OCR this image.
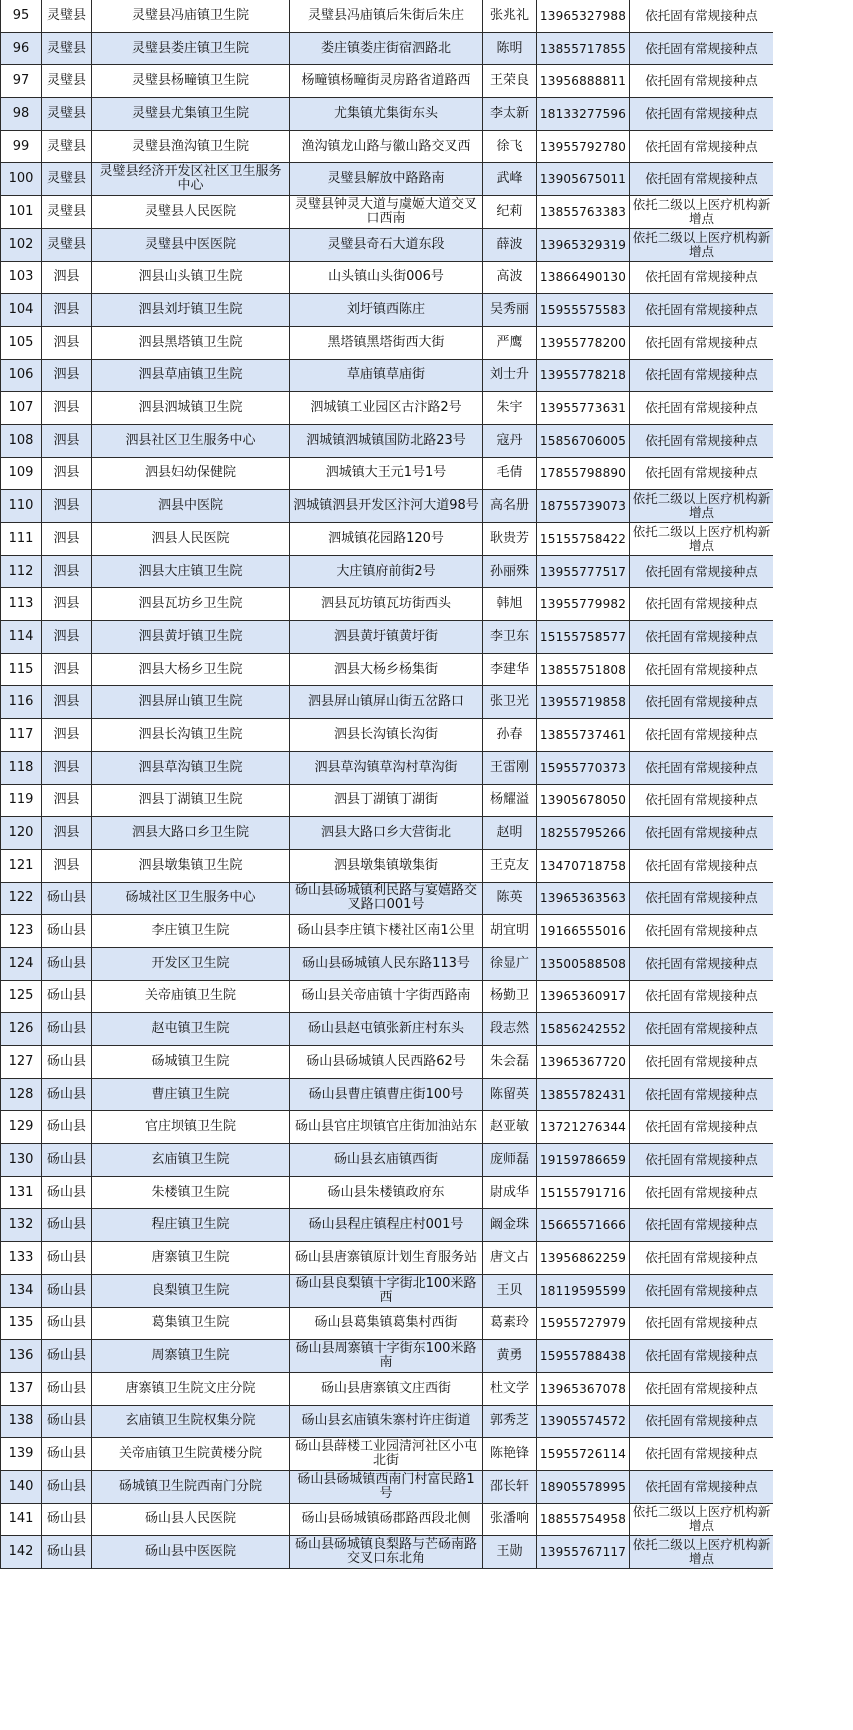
95	灵璧县	灵璧县冯庙镇卫生院	灵璧县冯庙镇后朱街后朱庄	张兆礼	13965327988	依托固有常规接种点
96	灵璧县	灵璧县娄庄镇卫生院	娄庄镇娄庄街宿泗路北	陈明	13855717855	依托固有常规接种点
97	灵璧县	灵璧县杨疃镇卫生院	杨疃镇杨疃街灵房路省道路西	王荣良	13956888811	依托固有常规接种点
98	灵璧县	灵璧县尤集镇卫生院	尤集镇尤集街东头	李太新	18133277596	依托固有常规接种点
99	灵璧县	灵璧县渔沟镇卫生院	渔沟镇龙山路与徽山路交叉西	徐飞	13955792780	依托固有常规接种点
100	灵璧县	灵璧县经济开发区社区卫生服务中心	灵璧县解放中路路南	武峰	13905675011	依托固有常规接种点
101	灵璧县	灵璧县人民医院	灵璧县钟灵大道与虞姬大道交叉口西南	纪莉	13855763383	依托二级以上医疗机构新增点
102	灵璧县	灵璧县中医医院	灵璧县奇石大道东段	薛波	13965329319	依托二级以上医疗机构新增点
103	泗县	泗县山头镇卫生院	山头镇山头街006号	高波	13866490130	依托固有常规接种点
104	泗县	泗县刘圩镇卫生院	刘圩镇西陈庄	吴秀丽	15955575583	依托固有常规接种点
105	泗县	泗县黑塔镇卫生院	黑塔镇黑塔街西大街	严鹰	13955778200	依托固有常规接种点
106	泗县	泗县草庙镇卫生院	草庙镇草庙街	刘士升	13955778218	依托固有常规接种点
107	泗县	泗县泗城镇卫生院	泗城镇工业园区古汴路2号	朱宇	13955773631	依托固有常规接种点
108	泗县	泗县社区卫生服务中心	泗城镇泗城镇国防北路23号	寇丹	15856706005	依托固有常规接种点
109	泗县	泗县妇幼保健院	泗城镇大王元1号1号	毛倩	17855798890	依托固有常规接种点
110	泗县	泗县中医院	泗城镇泗县开发区汴河大道98号	高名册	18755739073	依托二级以上医疗机构新增点
111	泗县	泗县人民医院	泗城镇花园路120号	耿贵芳	15155758422	依托二级以上医疗机构新增点
112	泗县	泗县大庄镇卫生院	大庄镇府前街2号	孙丽殊	13955777517	依托固有常规接种点
113	泗县	泗县瓦坊乡卫生院	泗县瓦坊镇瓦坊街西头	韩旭	13955779982	依托固有常规接种点
114	泗县	泗县黄圩镇卫生院	泗县黄圩镇黄圩街	李卫东	15155758577	依托固有常规接种点
115	泗县	泗县大杨乡卫生院	泗县大杨乡杨集街	李建华	13855751808	依托固有常规接种点
116	泗县	泗县屏山镇卫生院	泗县屏山镇屏山街五岔路口	张卫光	13955719858	依托固有常规接种点
117	泗县	泗县长沟镇卫生院	泗县长沟镇长沟街	孙春	13855737461	依托固有常规接种点
118	泗县	泗县草沟镇卫生院	泗县草沟镇草沟村草沟街	王雷刚	15955770373	依托固有常规接种点
119	泗县	泗县丁湖镇卫生院	泗县丁湖镇丁湖街	杨耀溢	13905678050	依托固有常规接种点
120	泗县	泗县大路口乡卫生院	泗县大路口乡大营街北	赵明	18255795266	依托固有常规接种点
121	泗县	泗县墩集镇卫生院	泗县墩集镇墩集街	王克友	13470718758	依托固有常规接种点
122	砀山县	砀城社区卫生服务中心	砀山县砀城镇利民路与宴嬉路交叉路口001号	陈英	13965363563	依托固有常规接种点
123	砀山县	李庄镇卫生院	砀山县李庄镇卞楼社区南1公里	胡宜明	19166555016	依托固有常规接种点
124	砀山县	开发区卫生院	砀山县砀城镇人民东路113号	徐显广	13500588508	依托固有常规接种点
125	砀山县	关帝庙镇卫生院	砀山县关帝庙镇十字街西路南	杨勤卫	13965360917	依托固有常规接种点
126	砀山县	赵屯镇卫生院	砀山县赵屯镇张新庄村东头	段志然	15856242552	依托固有常规接种点
127	砀山县	砀城镇卫生院	砀山县砀城镇人民西路62号	朱会磊	13965367720	依托固有常规接种点
128	砀山县	曹庄镇卫生院	砀山县曹庄镇曹庄街100号	陈留英	13855782431	依托固有常规接种点
129	砀山县	官庄坝镇卫生院	砀山县官庄坝镇官庄街加油站东	赵亚敏	13721276344	依托固有常规接种点
130	砀山县	玄庙镇卫生院	砀山县玄庙镇西街	庞师磊	19159786659	依托固有常规接种点
131	砀山县	朱楼镇卫生院	砀山县朱楼镇政府东	尉成华	15155791716	依托固有常规接种点
132	砀山县	程庄镇卫生院	砀山县程庄镇程庄村001号	阚金珠	15665571666	依托固有常规接种点
133	砀山县	唐寨镇卫生院	砀山县唐寨镇原计划生育服务站	唐文占	13956862259	依托固有常规接种点
134	砀山县	良梨镇卫生院	砀山县良梨镇十字街北100米路西	王贝	18119595599	依托固有常规接种点
135	砀山县	葛集镇卫生院	砀山县葛集镇葛集村西街	葛素玲	15955727979	依托固有常规接种点
136	砀山县	周寨镇卫生院	砀山县周寨镇十字街东100米路南	黄勇	15955788438	依托固有常规接种点
137	砀山县	唐寨镇卫生院文庄分院	砀山县唐寨镇文庄西街	杜文学	13965367078	依托固有常规接种点
138	砀山县	玄庙镇卫生院权集分院	砀山县玄庙镇朱寨村许庄街道	郭秀芝	13905574572	依托固有常规接种点
139	砀山县	关帝庙镇卫生院黄楼分院	砀山县薛楼工业园清河社区小屯北街	陈艳锋	15955726114	依托固有常规接种点
140	砀山县	砀城镇卫生院西南门分院	砀山县砀城镇西南门村富民路1号	邵长轩	18905578995	依托固有常规接种点
141	砀山县	砀山县人民医院	砀山县砀城镇砀郡路西段北侧	张潘响	18855754958	依托二级以上医疗机构新增点
142	砀山县	砀山县中医医院	砀山县砀城镇良梨路与芒砀南路交叉口东北角	王勋	13955767117	依托二级以上医疗机构新增点
